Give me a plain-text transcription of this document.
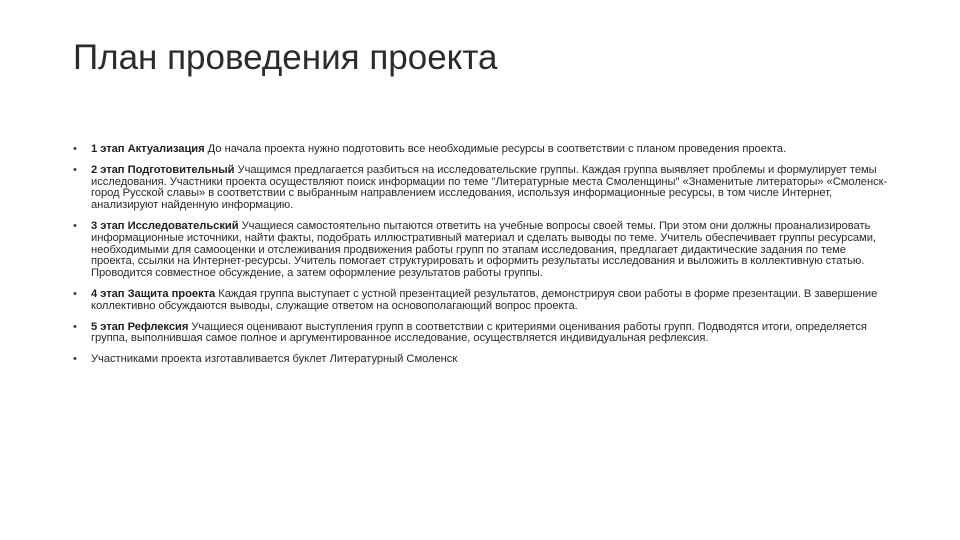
План проведения проекта
• 1 этап Актуализация До начала проекта нужно подготовить все необходимые ресурсы в соответствии с планом проведения проекта.
• 2 этап Подготовительный Учащимся предлагается разбиться на исследовательские группы. Каждая группа выявляет проблемы и формулирует темы исследования. Участники проекта осуществляют поиск информации по теме "Литературные места Смоленщины" «Знаменитые литераторы» «Смоленск-город Русской славы» в соответствии с выбранным направлением исследования, используя информационные ресурсы, в том числе Интернет, анализируют найденную информацию.
• 3 этап Исследовательский Учащиеся самостоятельно пытаются ответить на учебные вопросы своей темы. При этом они должны проанализировать информационные источники, найти факты, подобрать иллюстративный материал и сделать выводы по теме. Учитель обеспечивает группы ресурсами, необходимыми для самооценки и отслеживания продвижения работы групп по этапам исследования, предлагает дидактические задания по теме проекта, ссылки на Интернет-ресурсы. Учитель помогает структурировать и оформить результаты исследования и выложить в коллективную статью. Проводится совместное обсуждение, а затем оформление результатов работы группы.
• 4 этап Защита проекта Каждая группа выступает с устной презентацией результатов, демонстрируя свои работы в форме презентации. В завершение коллективно обсуждаются выводы, служащие ответом на основополагающий вопрос проекта.
• 5 этап Рефлексия Учащиеся оценивают выступления групп в соответствии с критериями оценивания работы групп. Подводятся итоги, определяется группа, выполнившая самое полное и аргументированное исследование, осуществляется индивидуальная рефлексия.
• Участниками проекта изготавливается буклет Литературный Смоленск
